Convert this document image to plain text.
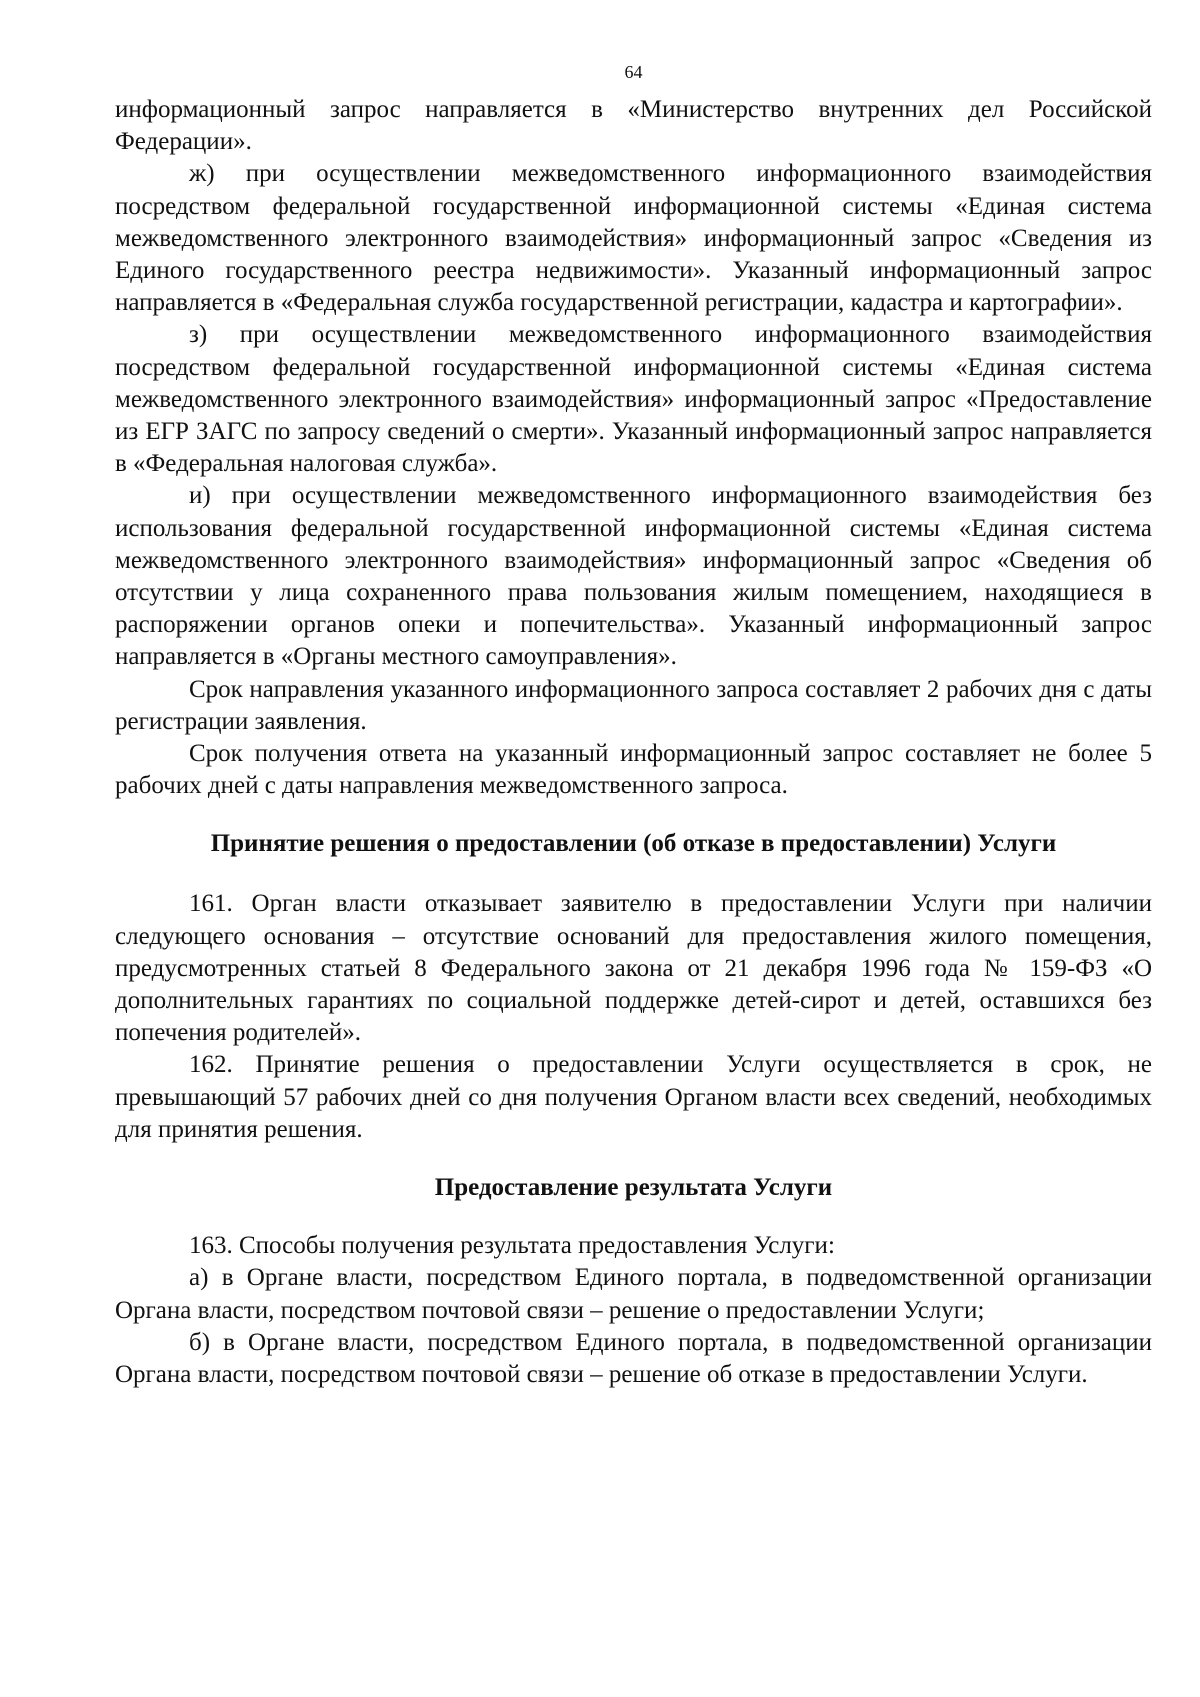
64

информационный запрос направляется в «Министерство внутренних дел Российской Федерации».

ж) при осуществлении межведомственного информационного взаимодействия посредством федеральной государственной информационной системы «Единая система межведомственного электронного взаимодействия» информационный запрос «Сведения из Единого государственного реестра недвижимости». Указанный информационный запрос направляется в «Федеральная служба государственной регистрации, кадастра и картографии».

з) при осуществлении межведомственного информационного взаимодействия посредством федеральной государственной информационной системы «Единая система межведомственного электронного взаимодействия» информационный запрос «Предоставление из ЕГР ЗАГС по запросу сведений о смерти». Указанный информационный запрос направляется в «Федеральная налоговая служба».

и) при осуществлении межведомственного информационного взаимодействия без использования федеральной государственной информационной системы «Единая система межведомственного электронного взаимодействия» информационный запрос «Сведения об отсутствии у лица сохраненного права пользования жилым помещением, находящиеся в распоряжении органов опеки и попечительства». Указанный информационный запрос направляется в «Органы местного самоуправления».

Срок направления указанного информационного запроса составляет 2 рабочих дня с даты регистрации заявления.

Срок получения ответа на указанный информационный запрос составляет не более 5 рабочих дней с даты направления межведомственного запроса.

Принятие решения о предоставлении (об отказе в предоставлении) Услуги

161. Орган власти отказывает заявителю в предоставлении Услуги при наличии следующего основания – отсутствие оснований для предоставления жилого помещения, предусмотренных статьей 8 Федерального закона от 21 декабря 1996 года № 159-ФЗ «О дополнительных гарантиях по социальной поддержке детей-сирот и детей, оставшихся без попечения родителей».

162. Принятие решения о предоставлении Услуги осуществляется в срок, не превышающий 57 рабочих дней со дня получения Органом власти всех сведений, необходимых для принятия решения.

Предоставление результата Услуги

163. Способы получения результата предоставления Услуги:

а) в Органе власти, посредством Единого портала, в подведомственной организации Органа власти, посредством почтовой связи – решение о предоставлении Услуги;

б) в Органе власти, посредством Единого портала, в подведомственной организации Органа власти, посредством почтовой связи – решение об отказе в предоставлении Услуги.
